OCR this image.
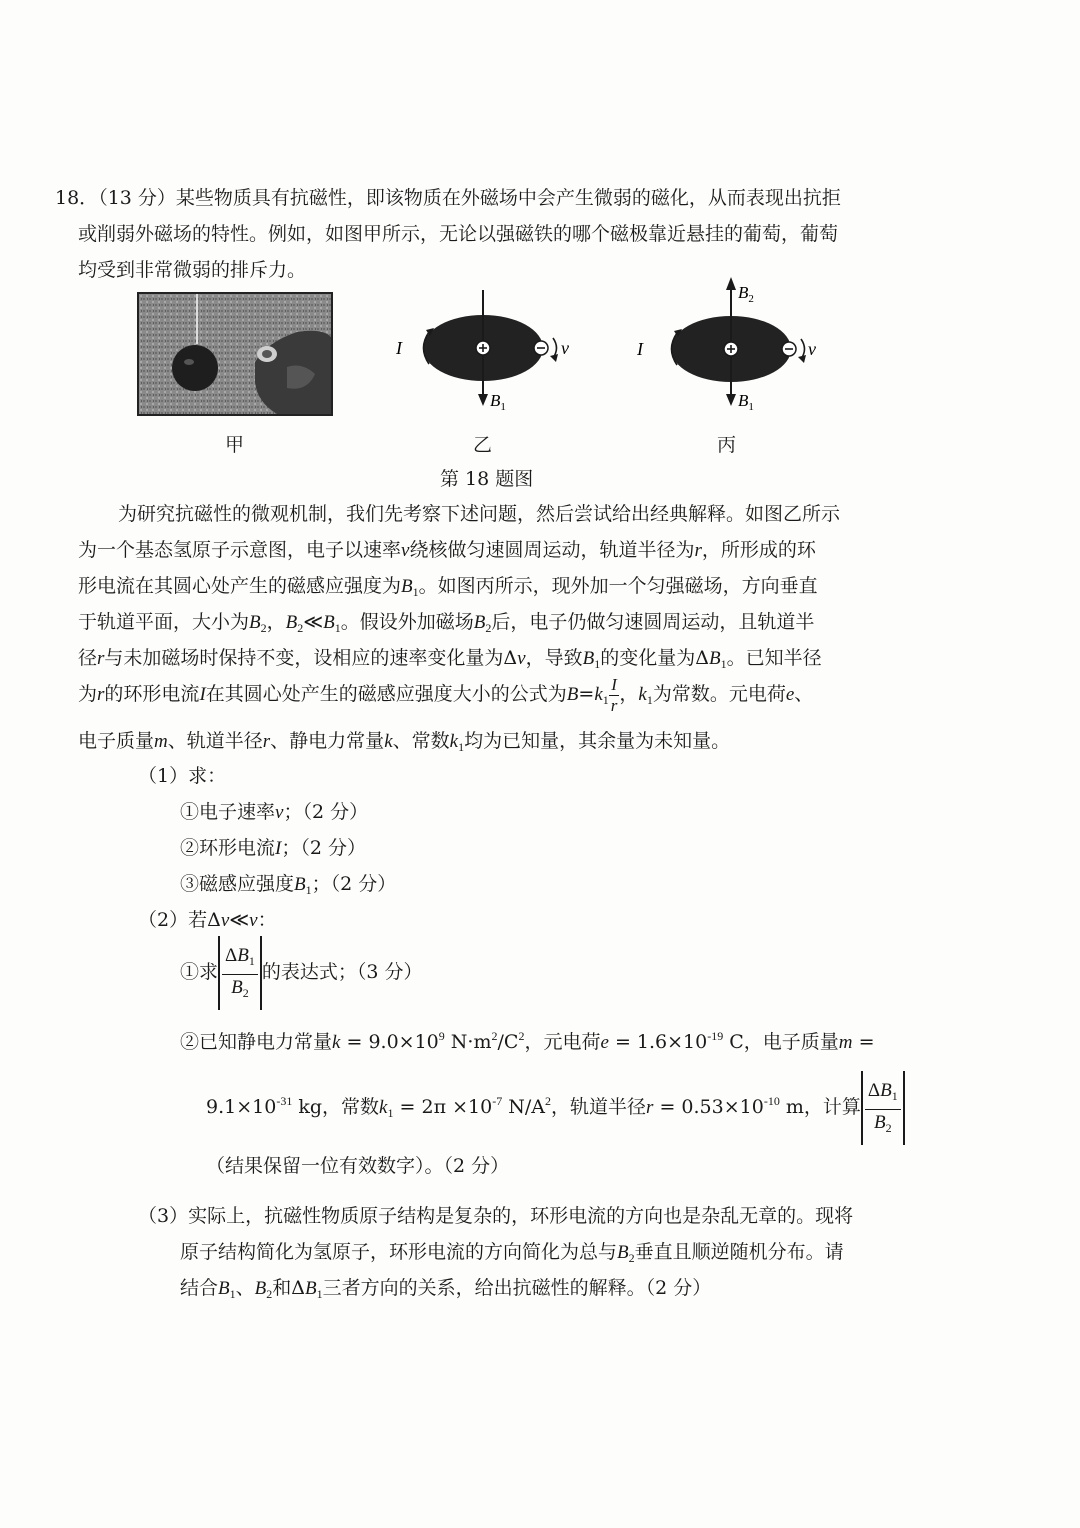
18．（13 分）某些物质具有抗磁性，即该物质在外磁场中会产生微弱的磁化，从而表现出抗拒
或削弱外磁场的特性。例如，如图甲所示，无论以强磁铁的哪个磁极靠近悬挂的葡萄，葡萄
均受到非常微弱的排斥力。
I	v
$B_1$
I	v
$B_2$
$B_1$
甲	乙	丙
第 18 题图
为研究抗磁性的微观机制，我们先考察下述问题，然后尝试给出经典解释。如图乙所示
为一个基态氢原子示意图，电子以速率v绕核做匀速圆周运动，轨道半径为r，所形成的环
形电流在其圆心处产生的磁感应强度为$B_1$。如图丙所示，现外加一个匀强磁场，方向垂直
于轨道平面，大小为$B_2$，$B_2≪B_1$。假设外加磁场$B_2$后，电子仍做匀速圆周运动，且轨道半
径r与未加磁场时保持不变，设相应的速率变化量为Δv，导致$B_1$的变化量为$\Delta B_1$。已知半径
为r的环形电流I在其圆心处产生的磁感应强度大小的公式为$B=k_1 \frac{I}{r}$ ，$k_1$为常数。元电荷e、
电子质量m、轨道半径r、静电力常量k、常数$k_1$均为已知量，其余量为未知量。
（1）求：
①电子速率v；（2 分）
②环形电流I；（2 分）
③磁感应强度$B_1$；（2 分）
（2）若Δv≪v：
①求 $\frac{\Delta B_1}{B_2}$ 的表达式；（3 分）
②已知静电力常量$k = 9.0\times 10^9$ $N\cdot m^2/C^2$，元电荷$e = 1.6\times 10^{-19}$ C，电子质量m =
$9.1\times 10^{-31}$ kg，常数$k_1 = 2\pi \times 10^{-7}$ $N/A^2$，轨道半径$r = 0.53\times 10^{-10}$ m，计算 $\frac{\Delta B_1}{B_2}$
（结果保留一位有效数字）。（2 分）
（3）实际上，抗磁性物质原子结构是复杂的，环形电流的方向也是杂乱无章的。现将
原子结构简化为氢原子，环形电流的方向简化为总与$B_2$垂直且顺逆随机分布。请
结合$B_1$、$B_2$和$\Delta B_1$三者方向的关系，给出抗磁性的解释。（2 分）
